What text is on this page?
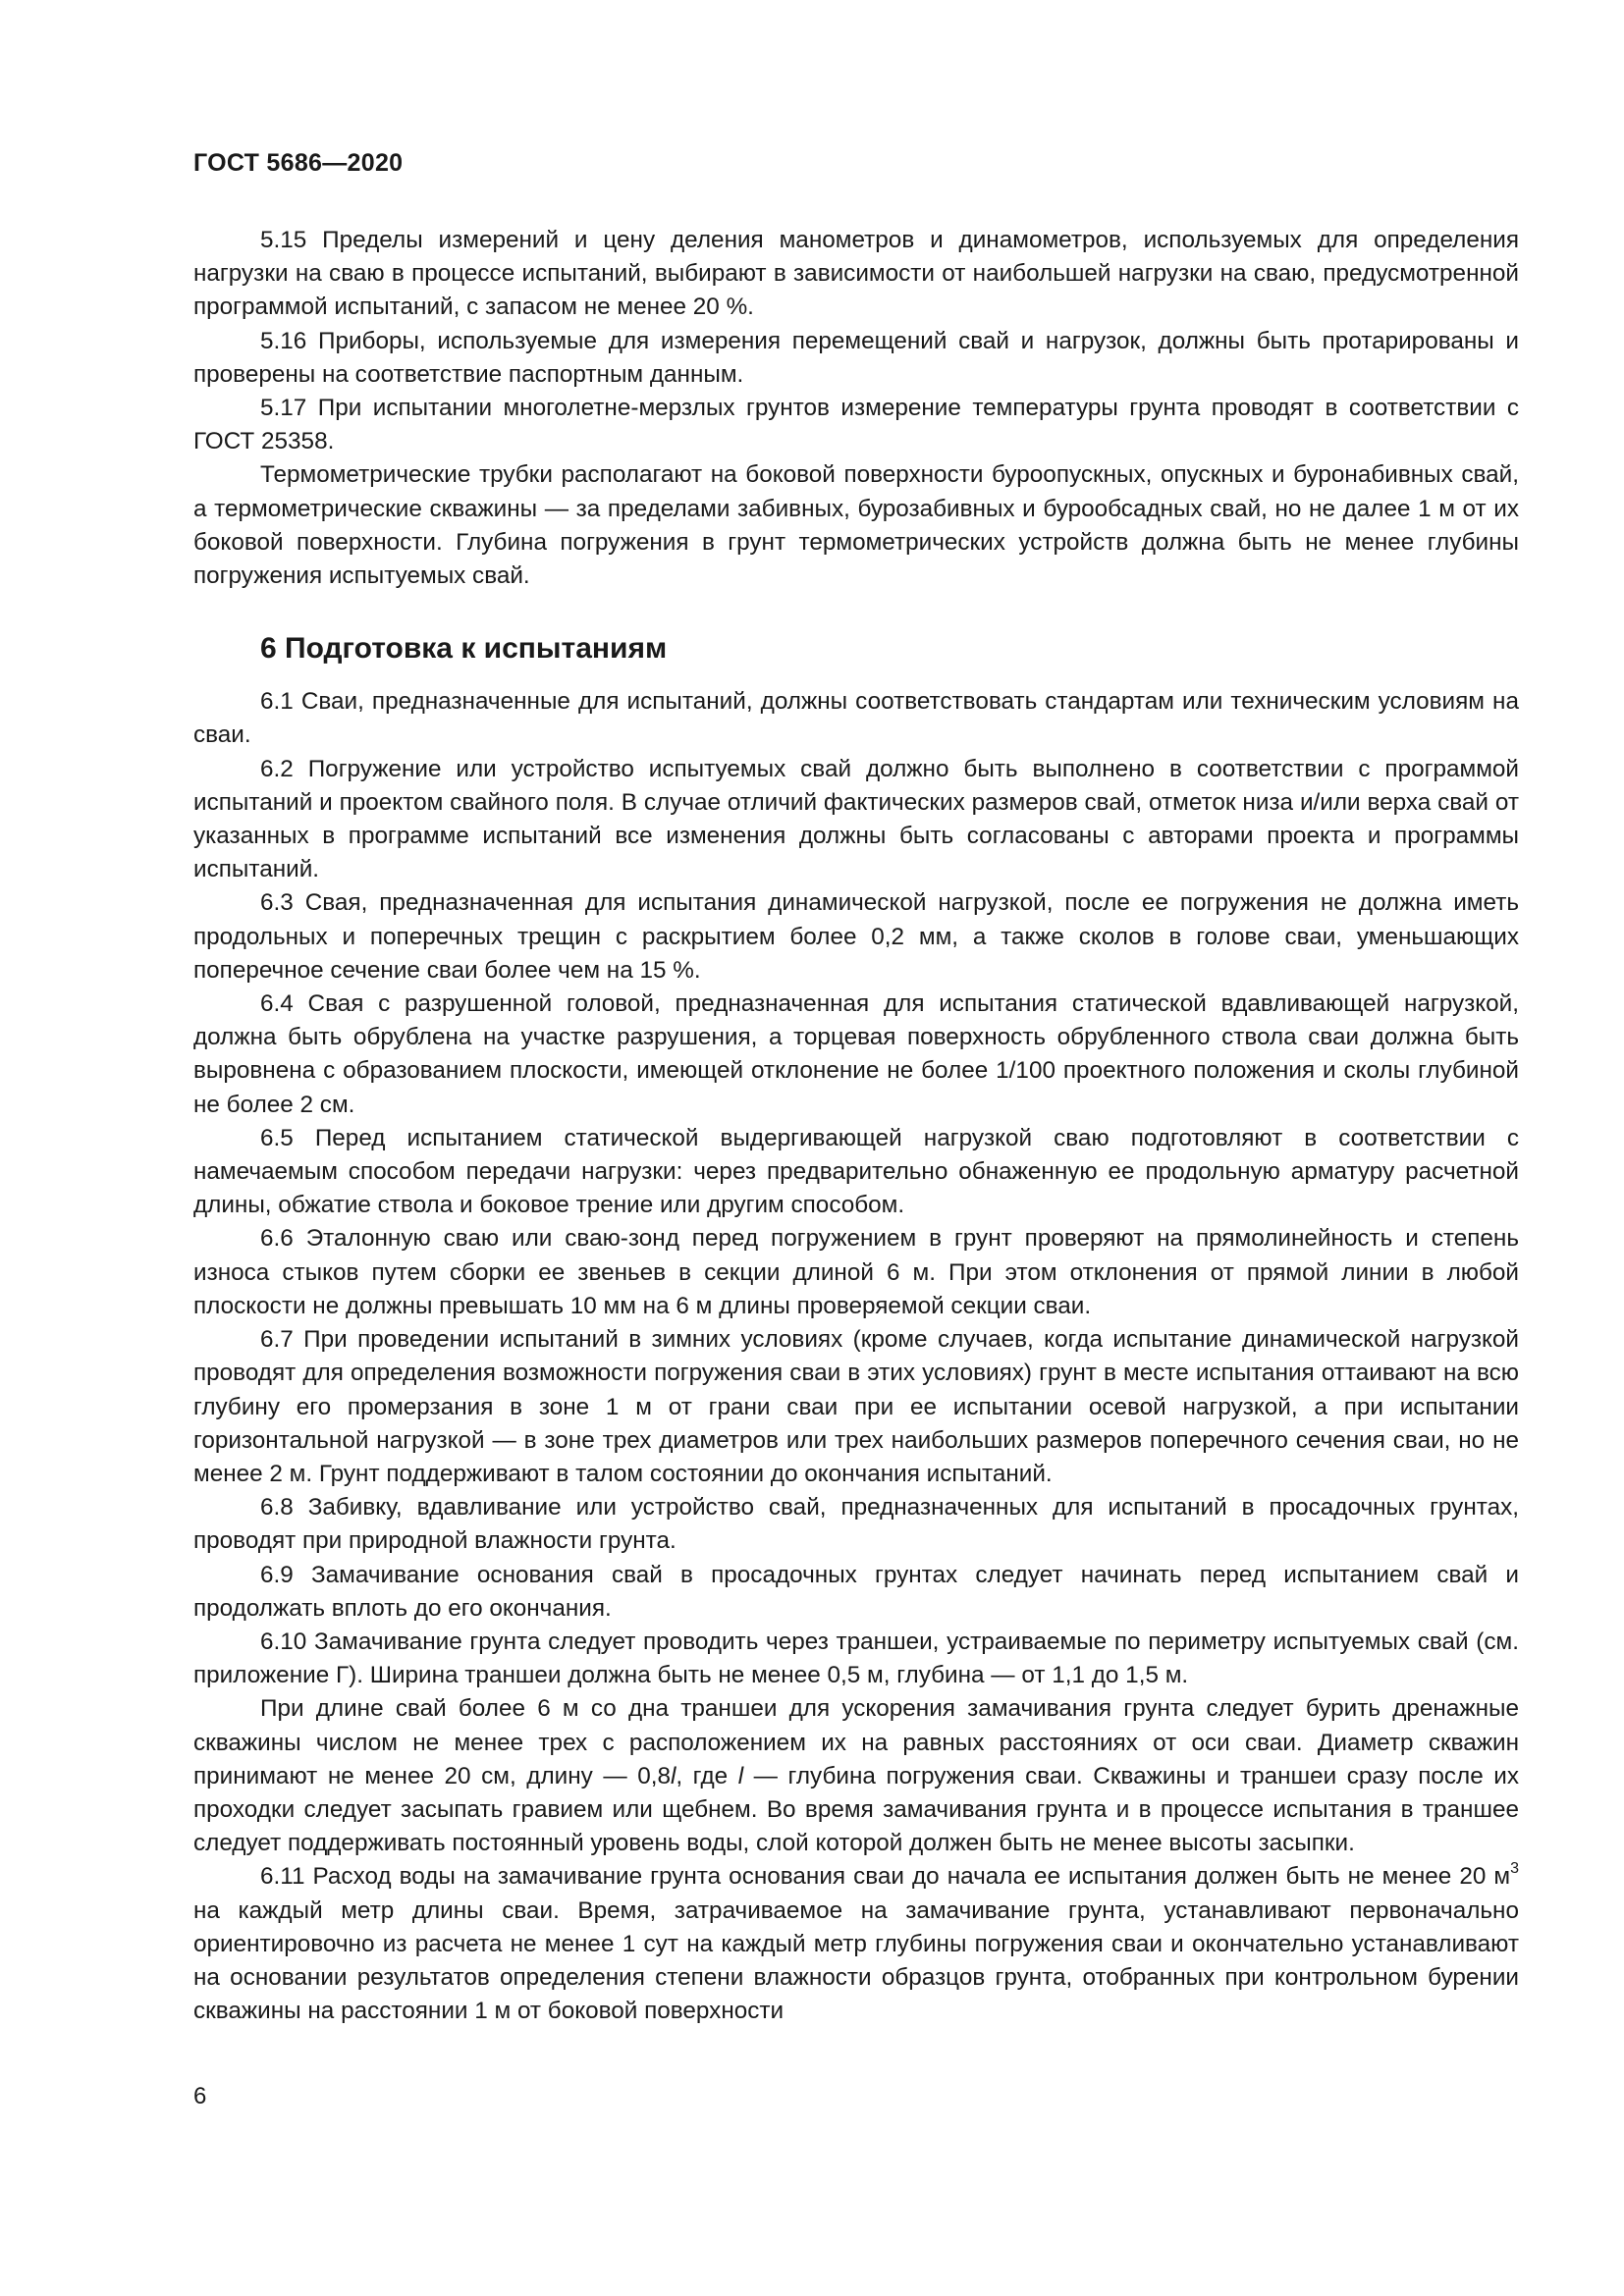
ГОСТ 5686—2020

5.15 Пределы измерений и цену деления манометров и динамометров, используемых для определения нагрузки на сваю в процессе испытаний, выбирают в зависимости от наибольшей нагрузки на сваю, предусмотренной программой испытаний, с запасом не менее 20 %.

5.16 Приборы, используемые для измерения перемещений свай и нагрузок, должны быть протарированы и проверены на соответствие паспортным данным.

5.17 При испытании многолетне-мерзлых грунтов измерение температуры грунта проводят в соответствии с ГОСТ 25358.

Термометрические трубки располагают на боковой поверхности буроопускных, опускных и буронабивных свай, а термометрические скважины — за пределами забивных, бурозабивных и бурообсадных свай, но не далее 1 м от их боковой поверхности. Глубина погружения в грунт термометрических устройств должна быть не менее глубины погружения испытуемых свай.

6 Подготовка к испытаниям

6.1 Сваи, предназначенные для испытаний, должны соответствовать стандартам или техническим условиям на сваи.

6.2 Погружение или устройство испытуемых свай должно быть выполнено в соответствии с программой испытаний и проектом свайного поля. В случае отличий фактических размеров свай, отметок низа и/или верха свай от указанных в программе испытаний все изменения должны быть согласованы с авторами проекта и программы испытаний.

6.3 Свая, предназначенная для испытания динамической нагрузкой, после ее погружения не должна иметь продольных и поперечных трещин с раскрытием более 0,2 мм, а также сколов в голове сваи, уменьшающих поперечное сечение сваи более чем на 15 %.

6.4 Свая с разрушенной головой, предназначенная для испытания статической вдавливающей нагрузкой, должна быть обрублена на участке разрушения, а торцевая поверхность обрубленного ствола сваи должна быть выровнена с образованием плоскости, имеющей отклонение не более 1/100 проектного положения и сколы глубиной не более 2 см.

6.5 Перед испытанием статической выдергивающей нагрузкой сваю подготовляют в соответствии с намечаемым способом передачи нагрузки: через предварительно обнаженную ее продольную арматуру расчетной длины, обжатие ствола и боковое трение или другим способом.

6.6 Эталонную сваю или сваю-зонд перед погружением в грунт проверяют на прямолинейность и степень износа стыков путем сборки ее звеньев в секции длиной 6 м. При этом отклонения от прямой линии в любой плоскости не должны превышать 10 мм на 6 м длины проверяемой секции сваи.

6.7 При проведении испытаний в зимних условиях (кроме случаев, когда испытание динамической нагрузкой проводят для определения возможности погружения сваи в этих условиях) грунт в месте испытания оттаивают на всю глубину его промерзания в зоне 1 м от грани сваи при ее испытании осевой нагрузкой, а при испытании горизонтальной нагрузкой — в зоне трех диаметров или трех наибольших размеров поперечного сечения сваи, но не менее 2 м. Грунт поддерживают в талом состоянии до окончания испытаний.

6.8 Забивку, вдавливание или устройство свай, предназначенных для испытаний в просадочных грунтах, проводят при природной влажности грунта.

6.9 Замачивание основания свай в просадочных грунтах следует начинать перед испытанием свай и продолжать вплоть до его окончания.

6.10 Замачивание грунта следует проводить через траншеи, устраиваемые по периметру испытуемых свай (см. приложение Г). Ширина траншеи должна быть не менее 0,5 м, глубина — от 1,1 до 1,5 м.

При длине свай более 6 м со дна траншеи для ускорения замачивания грунта следует бурить дренажные скважины числом не менее трех с расположением их на равных расстояниях от оси сваи. Диаметр скважин принимают не менее 20 см, длину — 0,8l, где l — глубина погружения сваи. Скважины и траншеи сразу после их проходки следует засыпать гравием или щебнем. Во время замачивания грунта и в процессе испытания в траншее следует поддерживать постоянный уровень воды, слой которой должен быть не менее высоты засыпки.

6.11 Расход воды на замачивание грунта основания сваи до начала ее испытания должен быть не менее 20 $м^3$ на каждый метр длины сваи. Время, затрачиваемое на замачивание грунта, устанавливают первоначально ориентировочно из расчета не менее 1 сут на каждый метр глубины погружения сваи и окончательно устанавливают на основании результатов определения степени влажности образцов грунта, отобранных при контрольном бурении скважины на расстоянии 1 м от боковой поверхности

6
